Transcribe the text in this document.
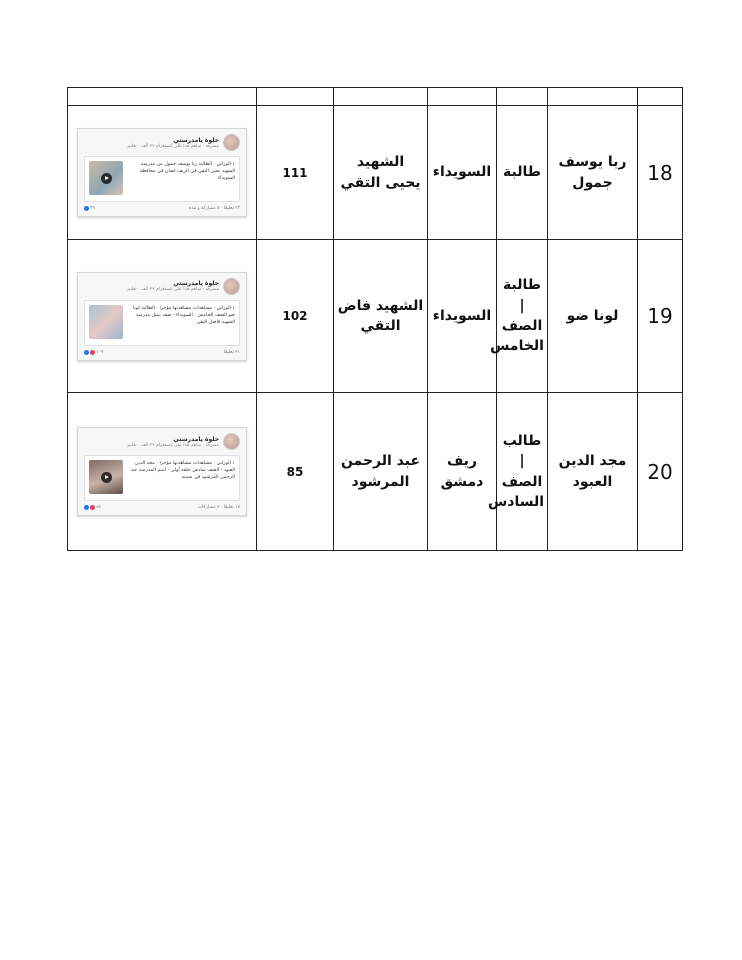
حلوة يامدرستي
مشرفة · ساهم هذا على إنستغرام ٢٧ ألف · تعليم
١ الوزاني · الطالبة ربا يوسف جمول من مدرسة الشهيد يحيى التقي في الريف لصان في محافظة السويداء
٣٣ تعليقًا · ٥ مشاركة و مدة
٩٩	111	الشهيد يحيى التقي	السويداء	طالبة	ربا يوسف جمول	18

حلوة يامدرستي
مشرفة · ساهم هذا على إنستغرام ٢٧ ألف · تعليم
١ الوزاني · مشاهدات مشاهدتها مؤخرا · الطالبة لونا ضو الصف الخامس · السويداء · صف يمثل مدرسة الشهيد فاضل التقي
٢١ تعليقًا
١٠٩	102	الشهيد فاض التقي	السويداء	طالبة | الصف الخامس	لونا ضو	19

حلوة يامدرستي
مشرفة · ساهم هذا على إنستغرام ٢٧ ألف · تعليم
١ الوزاني · مشاهدات مشاهدتها مؤخرا · مجد الدين العبود · الصف سادس حلقة أولى · اسم المدرسة عبد الرحمن المرشود في سبينة
١٧ تعليقًا · ٢ مشاركات
٨٥	85	عبد الرحمن المرشود	ريف دمشق	طالب | الصف السادس	مجد الدين العبود	20
